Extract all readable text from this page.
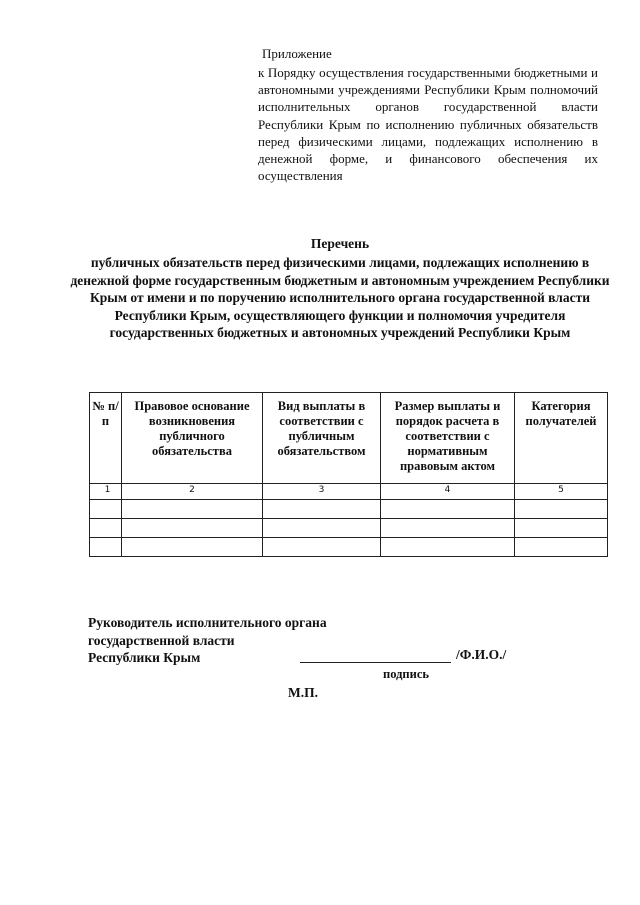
Приложение
к Порядку осуществления государственными бюджетными и автономными учреждениями Республики Крым полномочий исполнительных органов государственной власти Республики Крым по исполнению публичных обязательств перед физическими лицами, подлежащих исполнению в денежной форме, и финансового обеспечения их осуществления
Перечень
публичных обязательств перед физическими лицами, подлежащих исполнению в денежной форме государственным бюджетным и автономным учреждением Республики Крым от имени и по поручению исполнительного органа государственной власти Республики Крым, осуществляющего функции и полномочия учредителя государственных бюджетных и автономных учреждений Республики Крым
№ п/п	Правовое основание возникновения публичного обязательства	Вид выплаты в соответствии с публичным обязательством	Размер выплаты и порядок расчета в соответствии с нормативным правовым актом	Категория получателей
1	2	3	4	5

Руководитель исполнительного органа
государственной власти
Республики Крым	/Ф.И.О./
подпись
М.П.
